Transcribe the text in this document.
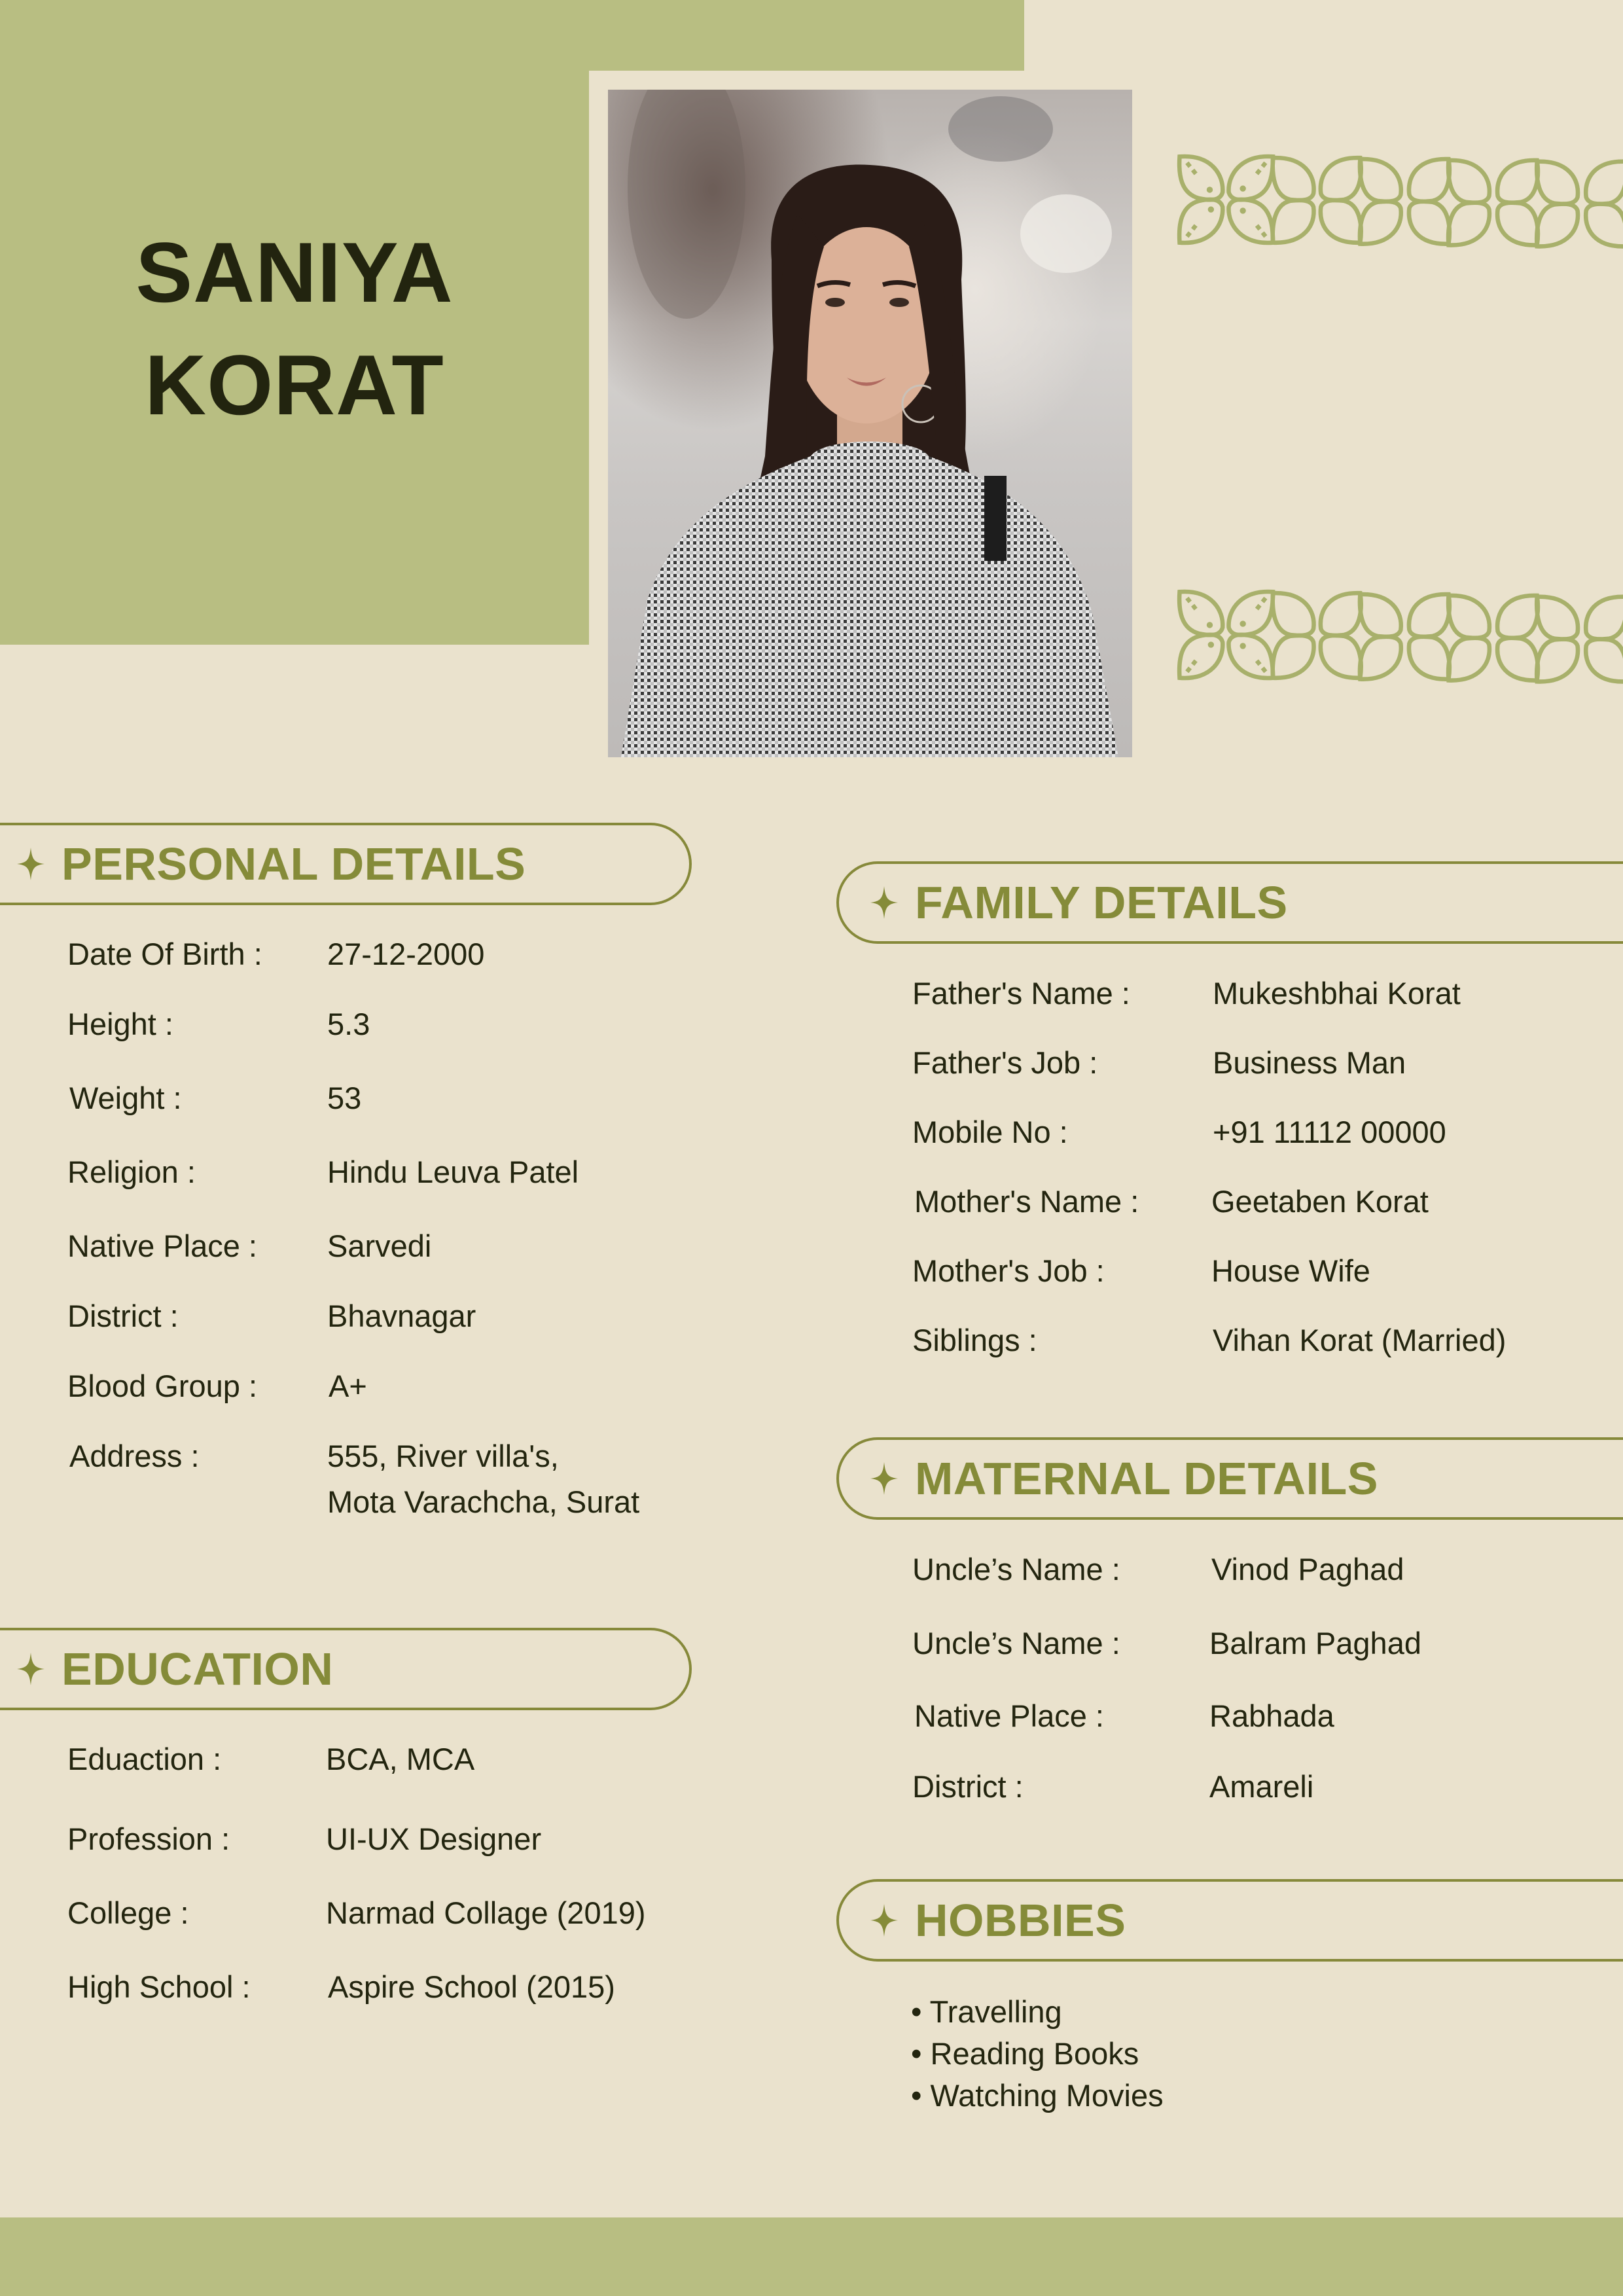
SANIYA
KORAT
PERSONAL DETAILS
Date Of Birth :	27-12-2000
Height :	5.3
Weight :	53
Religion :	Hindu Leuva Patel
Native Place :	Sarvedi
District :	Bhavnagar
Blood Group :	A+
Address :	555, River villa's,
Mota Varachcha, Surat
EDUCATION
Eduaction :	BCA, MCA
Profession :	UI-UX Designer
College :	Narmad Collage (2019)
High School :	Aspire School (2015)
FAMILY DETAILS
Father's Name :	Mukeshbhai Korat
Father's Job :	Business Man
Mobile No :	+91 11112 00000
Mother's Name :	Geetaben Korat
Mother's Job :	House Wife
Siblings :	Vihan Korat (Married)
MATERNAL DETAILS
Uncle’s Name :	Vinod Paghad
Uncle’s Name :	Balram Paghad
Native Place :	Rabhada
District :	Amareli
HOBBIES
• Travelling
• Reading Books
• Watching Movies
